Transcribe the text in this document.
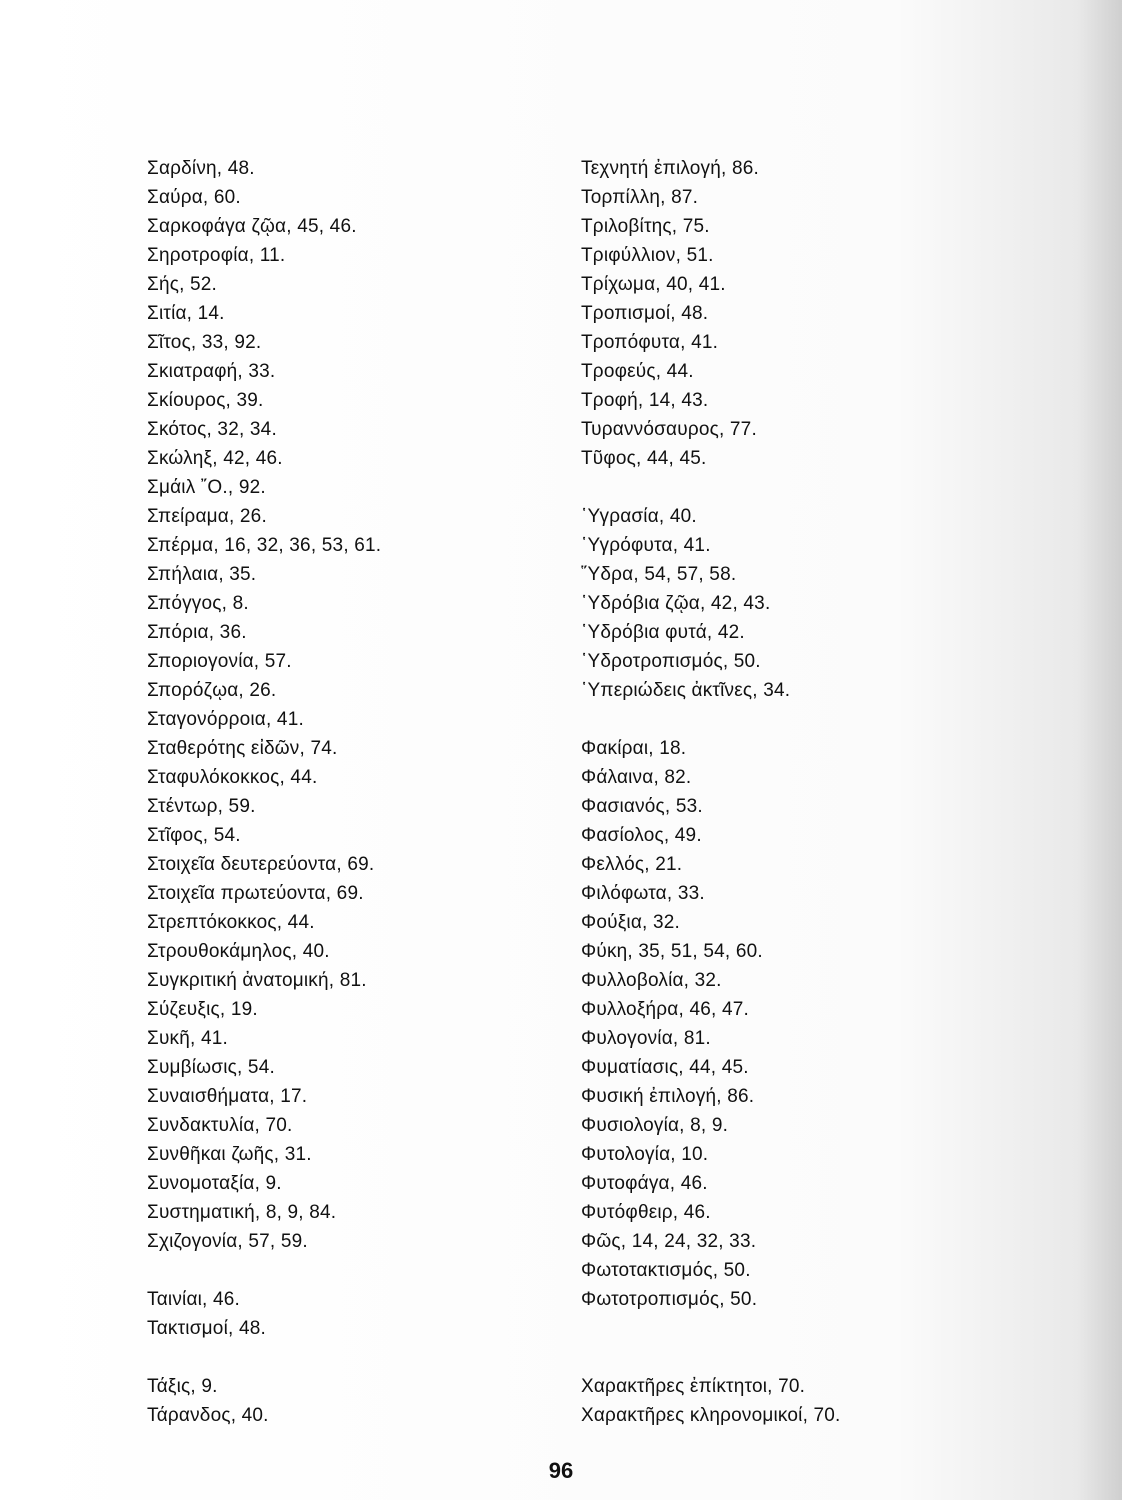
Σαρδίνη, 48.
Σαύρα, 60.
Σαρκοφάγα ζῷα, 45, 46.
Σηροτροφία, 11.
Σής, 52.
Σιτία, 14.
Σῖτος, 33, 92.
Σκιατραφή, 33.
Σκίουρος, 39.
Σκότος, 32, 34.
Σκώληξ, 42, 46.
Σμάιλ ῎Ο., 92.
Σπείραμα, 26.
Σπέρμα, 16, 32, 36, 53, 61.
Σπήλαια, 35.
Σπόγγος, 8.
Σπόρια, 36.
Σποριογονία, 57.
Σπορόζῳα, 26.
Σταγονόρροια, 41.
Σταθερότης εἰδῶν, 74.
Σταφυλόκοκκος, 44.
Στέντωρ, 59.
Στῖφος, 54.
Στοιχεῖα δευτερεύοντα, 69.
Στοιχεῖα πρωτεύοντα, 69.
Στρεπτόκοκκος, 44.
Στρουθοκάμηλος, 40.
Συγκριτική ἀνατομική, 81.
Σύζευξις, 19.
Συκῆ, 41.
Συμβίωσις, 54.
Συναισθήματα, 17.
Συνδακτυλία, 70.
Συνθῆκαι ζωῆς, 31.
Συνομοταξία, 9.
Συστηματική, 8, 9, 84.
Σχιζογονία, 57, 59.
Ταινίαι, 46.
Τακτισμοί, 48.
Τάξις, 9.
Τάρανδος, 40.
Τεχνητή ἐπιλογή, 86.
Τορπίλλη, 87.
Τριλοβίτης, 75.
Τριφύλλιον, 51.
Τρίχωμα, 40, 41.
Τροπισμοί, 48.
Τροπόφυτα, 41.
Τροφεύς, 44.
Τροφή, 14, 43.
Τυραννόσαυρος, 77.
Τῦφος, 44, 45.
῾Υγρασία, 40.
῾Υγρόφυτα, 41.
῞Υδρα, 54, 57, 58.
῾Υδρόβια ζῷα, 42, 43.
῾Υδρόβια φυτά, 42.
῾Υδροτροπισμός, 50.
῾Υπεριώδεις ἀκτῖνες, 34.
Φακίραι, 18.
Φάλαινα, 82.
Φασιανός, 53.
Φασίολος, 49.
Φελλός, 21.
Φιλόφωτα, 33.
Φούξια, 32.
Φύκη, 35, 51, 54, 60.
Φυλλοβολία, 32.
Φυλλοξήρα, 46, 47.
Φυλογονία, 81.
Φυματίασις, 44, 45.
Φυσική ἐπιλογή, 86.
Φυσιολογία, 8, 9.
Φυτολογία, 10.
Φυτοφάγα, 46.
Φυτόφθειρ, 46.
Φῶς, 14, 24, 32, 33.
Φωτοτακτισμός, 50.
Φωτοτροπισμός, 50.
Χαρακτῆρες ἐπίκτητοι, 70.
Χαρακτῆρες κληρονομικοί, 70.
96
